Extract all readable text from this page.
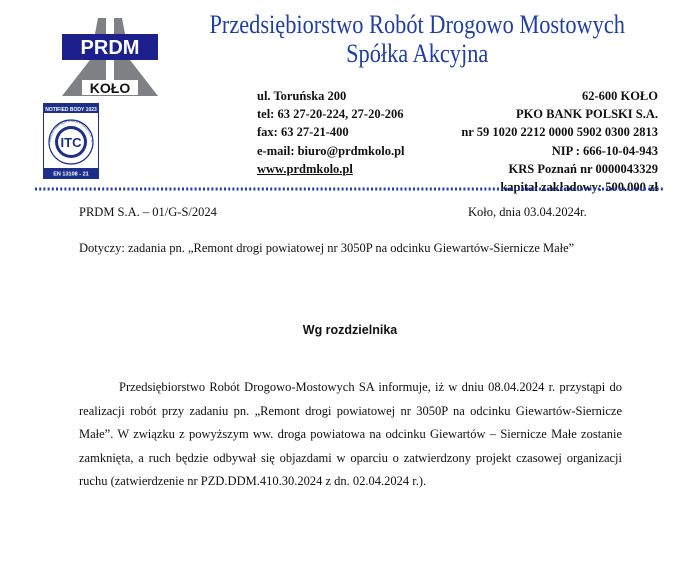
PRDM
KOŁO
NOTIFIED BODY 1023
ITC
ZAKŁADOWA KONTROLA PRODUKCJI · C
EN 13108 - 21
Przedsiębiorstwo Robót Drogowo Mostowych
Spółka Akcyjna
ul. Toruńska 200
tel: 63 27-20-224, 27-20-206
fax: 63 27-21-400
e-mail: biuro@prdmkolo.pl
www.prdmkolo.pl
62-600 KOŁO
PKO BANK POLSKI S.A.
nr 59 1020 2212 0000 5902 0300 2813
NIP : 666-10-04-943
KRS Poznań nr 0000043329
kapitał zakładowy: 500.000 zł
PRDM S.A. – 01/G-S/2024	Koło, dnia 03.04.2024r.
Dotyczy: zadania pn. „Remont drogi powiatowej nr 3050P na odcinku Giewartów-Siernicze Małe”
Wg rozdzielnika
Przedsiębiorstwo Robót Drogowo-Mostowych SA informuje, iż w dniu 08.04.2024 r. przystąpi do realizacji robót przy zadaniu pn. „Remont drogi powiatowej nr 3050P na odcinku Giewartów-Siernicze Małe”. W związku z powyższym ww. droga powiatowa na odcinku Giewartów – Siernicze Małe zostanie zamknięta, a ruch będzie odbywał się objazdami w oparciu o zatwierdzony projekt czasowej organizacji ruchu (zatwierdzenie nr PZD.DDM.410.30.2024 z dn. 02.04.2024 r.).
